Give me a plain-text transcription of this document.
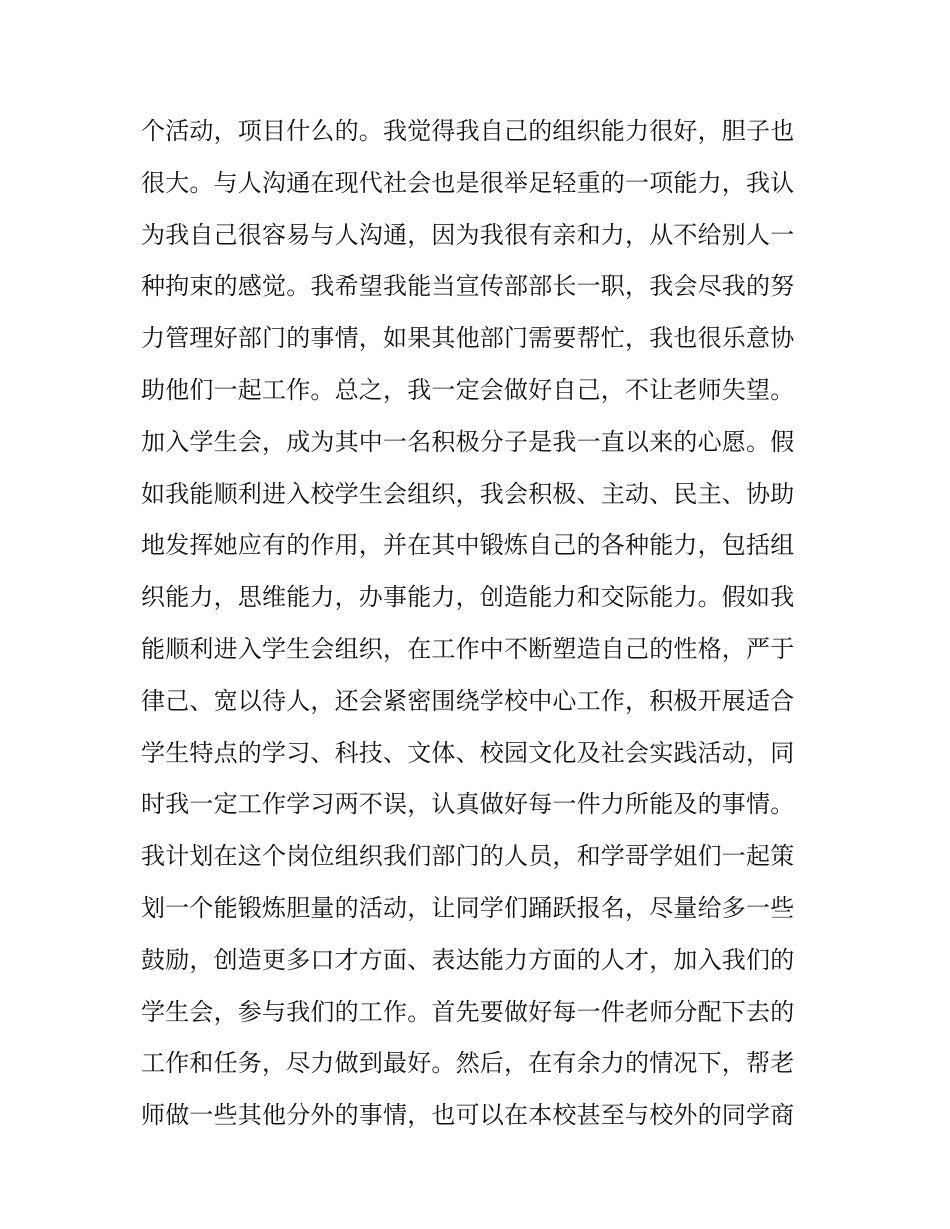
个活动，项目什么的。我觉得我自己的组织能力很好，胆子也
很大。与人沟通在现代社会也是很举足轻重的一项能力，我认
为我自己很容易与人沟通，因为我很有亲和力，从不给别人一
种拘束的感觉。我希望我能当宣传部部长一职，我会尽我的努
力管理好部门的事情，如果其他部门需要帮忙，我也很乐意协
助他们一起工作。总之，我一定会做好自己，不让老师失望。
加入学生会，成为其中一名积极分子是我一直以来的心愿。假
如我能顺利进入校学生会组织，我会积极、主动、民主、协助
地发挥她应有的作用，并在其中锻炼自己的各种能力，包括组
织能力，思维能力，办事能力，创造能力和交际能力。假如我
能顺利进入学生会组织，在工作中不断塑造自己的性格，严于
律己、宽以待人，还会紧密围绕学校中心工作，积极开展适合
学生特点的学习、科技、文体、校园文化及社会实践活动，同
时我一定工作学习两不误，认真做好每一件力所能及的事情。
我计划在这个岗位组织我们部门的人员，和学哥学姐们一起策
划一个能锻炼胆量的活动，让同学们踊跃报名，尽量给多一些
鼓励，创造更多口才方面、表达能力方面的人才，加入我们的
学生会，参与我们的工作。首先要做好每一件老师分配下去的
工作和任务，尽力做到最好。然后，在有余力的情况下，帮老
师做一些其他分外的事情，也可以在本校甚至与校外的同学商
